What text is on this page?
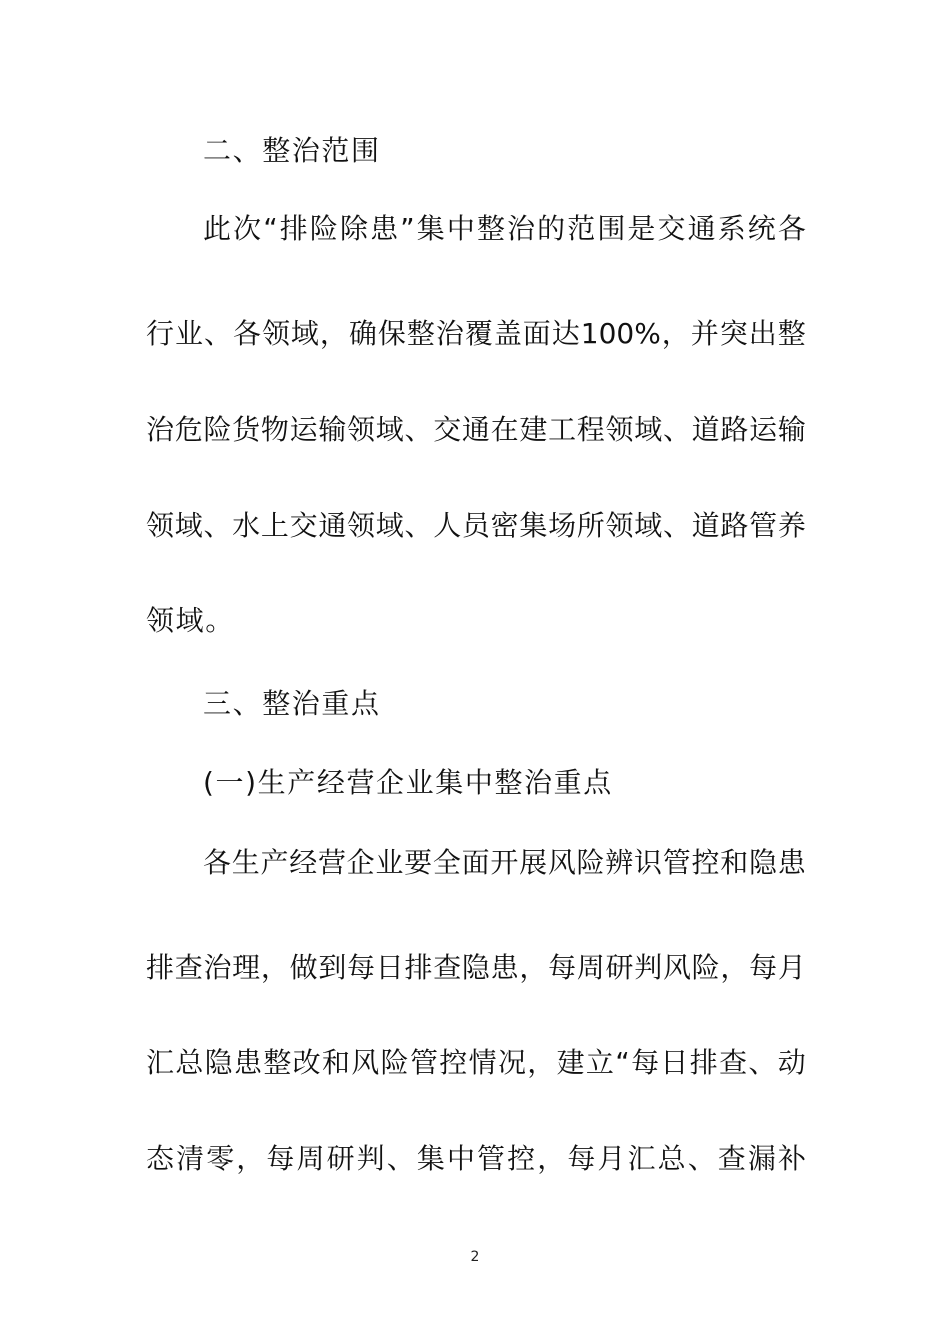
二、整治范围
此 次 “ 排 险 除 患 ” 集 中 整 治 的 范 围 是 交 通 系 统 各
行 业 、 各 领 域 ， 确 保 整 治 覆 盖 面 达 100% ， 并 突 出 整
治 危 险 货 物 运 输 领 域 、 交 通 在 建 工 程 领 域 、 道 路 运 输
领 域 、 水 上 交 通 领 域 、 人 员 密 集 场 所 领 域 、 道 路 管 养
领域。
三、整治重点
(一)生产经营企业集中整治重点
各 生 产 经 营 企 业 要 全 面 开 展 风 险 辨 识 管 控 和 隐 患
排 查 治 理 ， 做 到 每 日 排 查 隐 患 ， 每 周 研 判 风 险 ， 每 月
汇 总 隐 患 整 改 和 风 险 管 控 情 况 ， 建 立 “ 每 日 排 查 、 动
态 清 零 ， 每 周 研 判 、 集 中 管 控 ， 每 月 汇 总 、 查 漏 补
2
